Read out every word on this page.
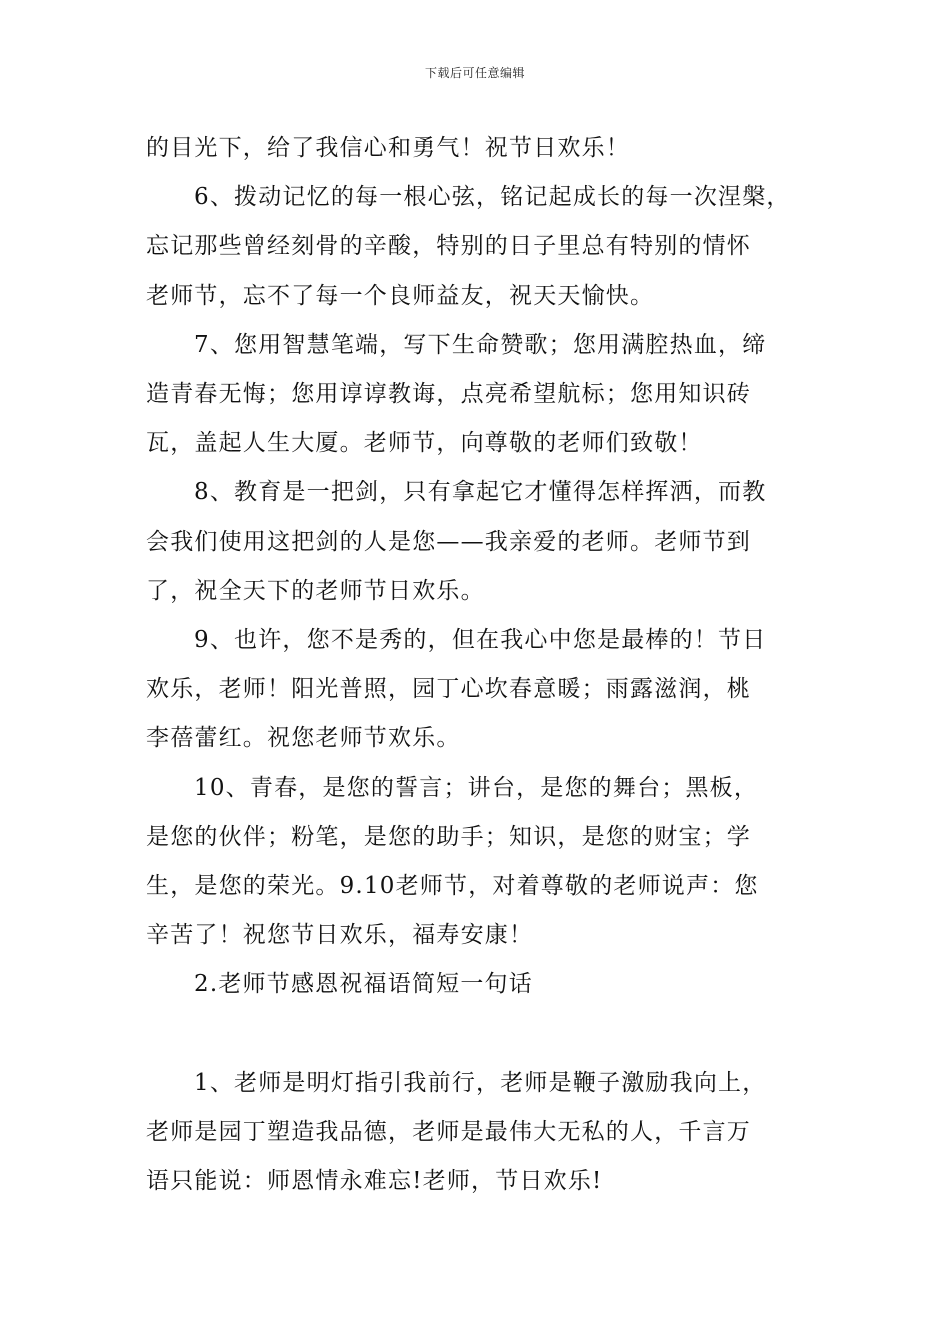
下载后可任意编辑

的目光下，给了我信心和勇气！祝节日欢乐！

6、拨动记忆的每一根心弦，铭记起成长的每一次涅槃，

忘记那些曾经刻骨的辛酸，特别的日子里总有特别的情怀

老师节，忘不了每一个良师益友，祝天天愉快。

7、您用智慧笔端，写下生命赞歌；您用满腔热血，缔

造青春无悔；您用谆谆教诲，点亮希望航标；您用知识砖

瓦，盖起人生大厦。老师节，向尊敬的老师们致敬！

8、教育是一把剑，只有拿起它才懂得怎样挥洒，而教

会我们使用这把剑的人是您——我亲爱的老师。老师节到

了，祝全天下的老师节日欢乐。

9、也许，您不是秀的，但在我心中您是最棒的！节日

欢乐，老师！阳光普照，园丁心坎春意暖；雨露滋润，桃

李蓓蕾红。祝您老师节欢乐。

10、青春，是您的誓言；讲台，是您的舞台；黑板，

是您的伙伴；粉笔，是您的助手；知识，是您的财宝；学

生，是您的荣光。9.10老师节，对着尊敬的老师说声：您

辛苦了！祝您节日欢乐，福寿安康！

2.老师节感恩祝福语简短一句话

1、老师是明灯指引我前行，老师是鞭子激励我向上，

老师是园丁塑造我品德，老师是最伟大无私的人，千言万

语只能说：师恩情永难忘!老师，节日欢乐!
